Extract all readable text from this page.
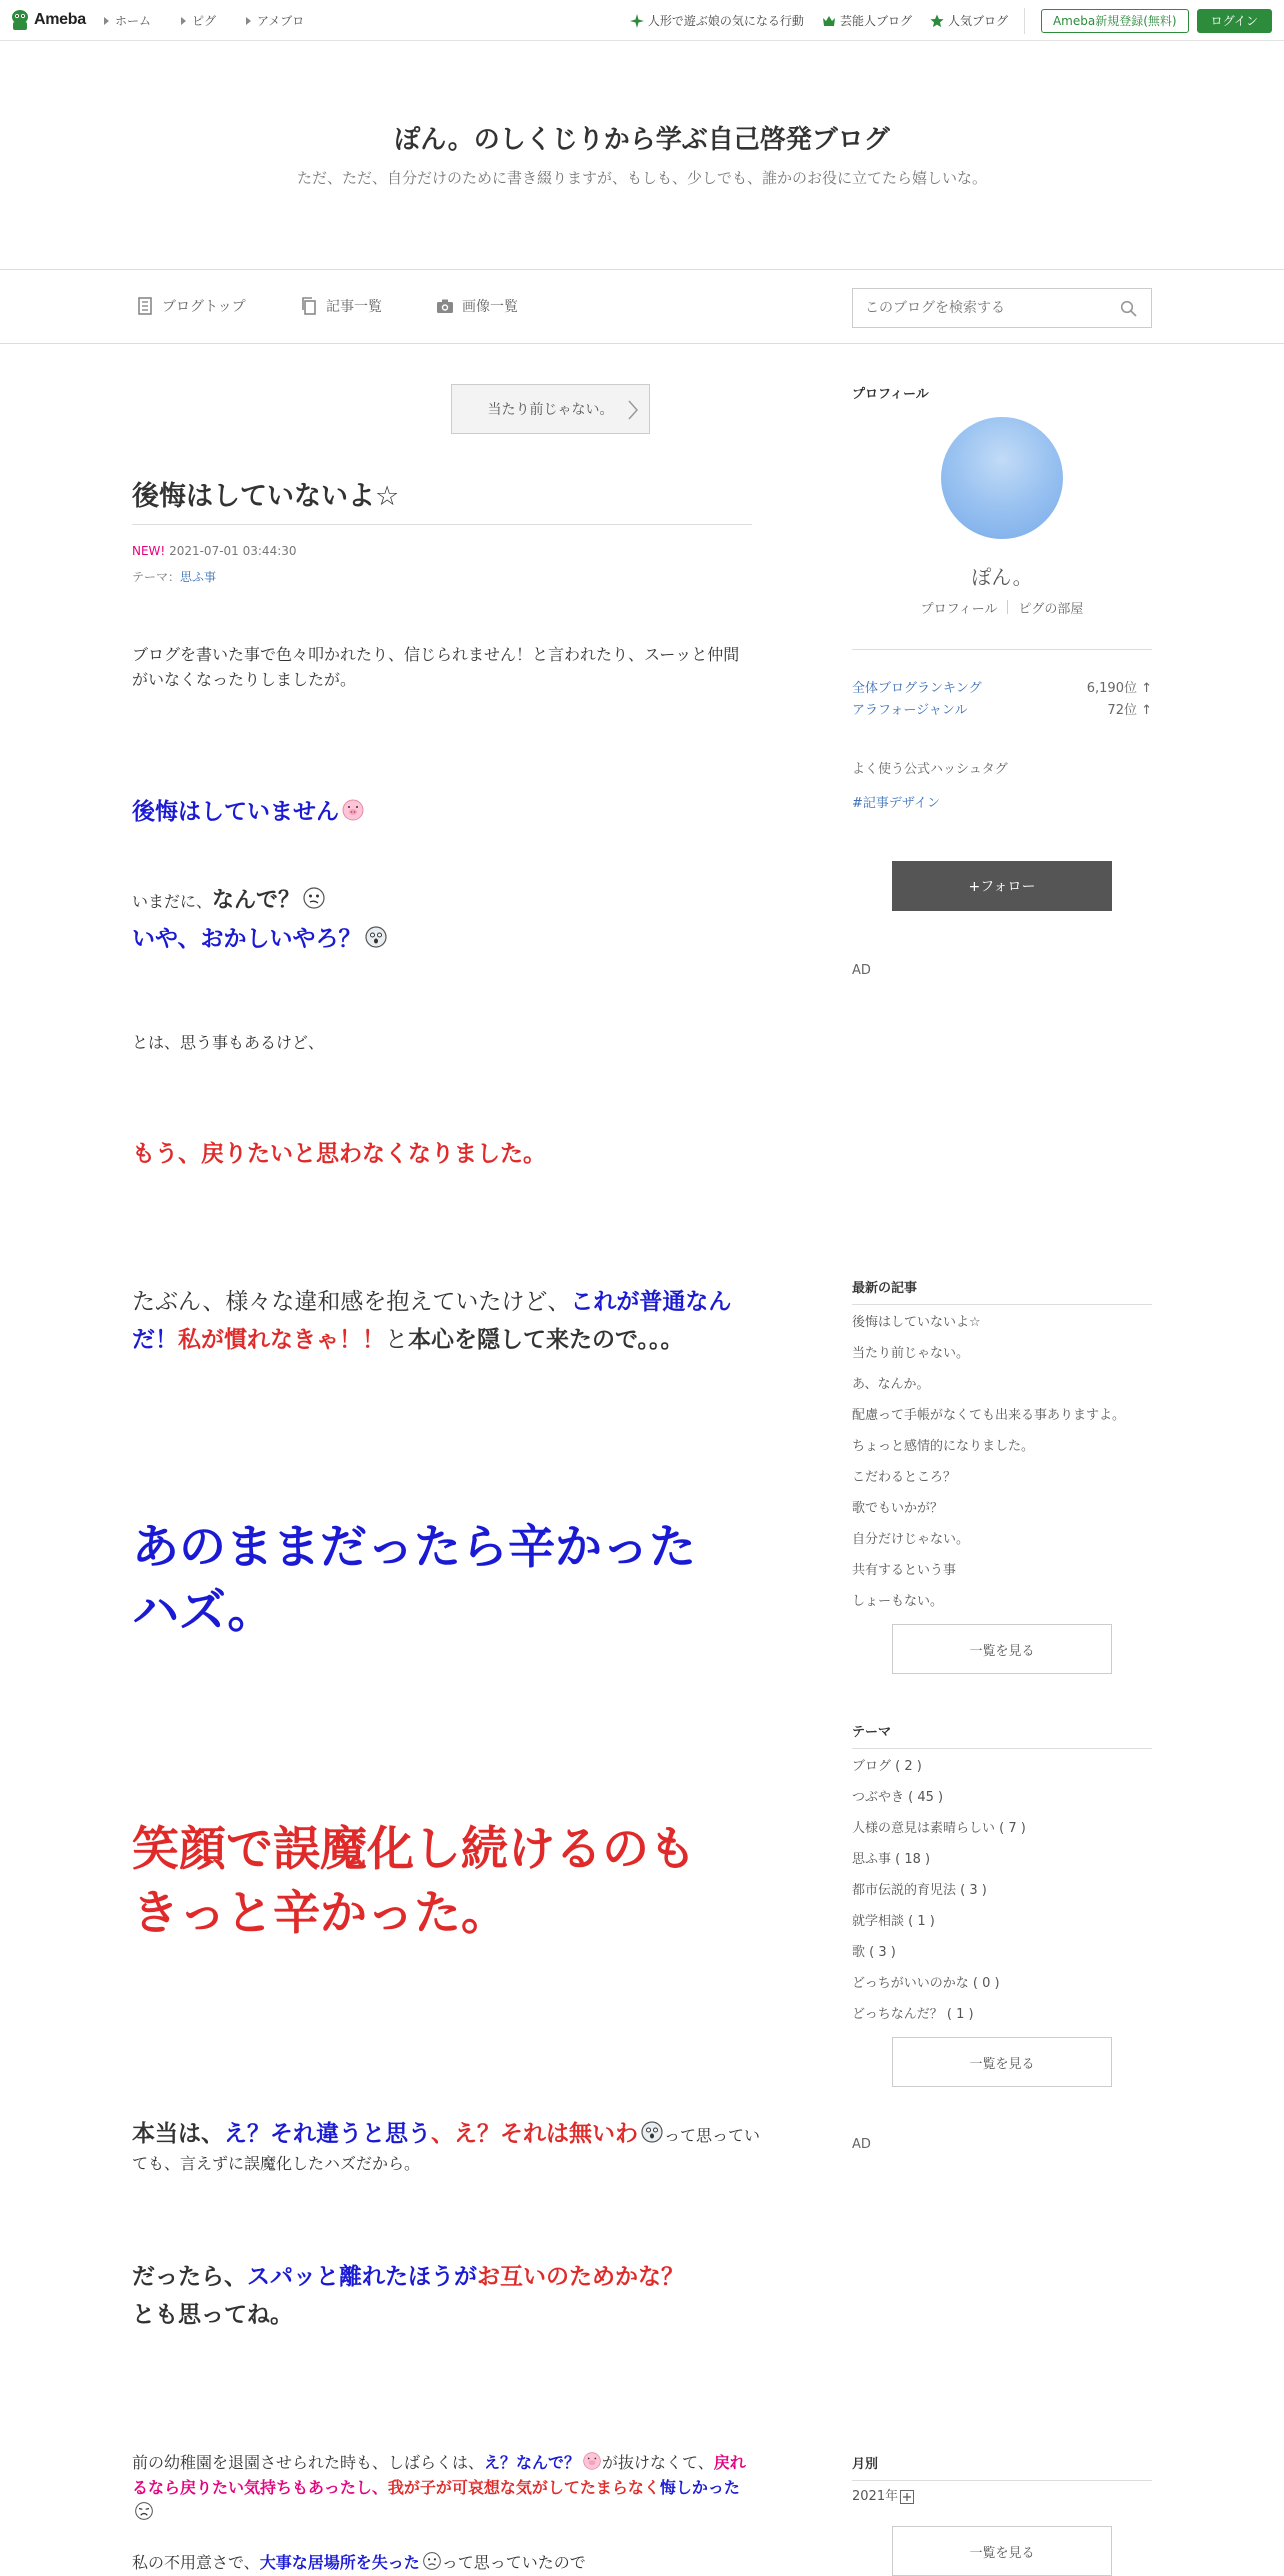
Ameba ホーム	ピグ	アメブロ	人形で遊ぶ娘の気になる行動	芸能人ブログ	人気ブログ	Ameba新規登録(無料)	ログイン
ぽん。のしくじりから学ぶ自己啓発ブログ

ただ、ただ、自分だけのために書き綴りますが、もしも、少しでも、誰かのお役に立てたら嬉しいな。

ブログトップ	記事一覧	画像一覧
このブログを検索する
当たり前じゃない。
後悔はしていないよ☆
NEW! 2021-07-01 03:44:30
テーマ：思ふ事
ブログを書いた事で色々叩かれたり、信じられません！と言われたり、スーッと仲間がいなくなったりしましたが。
後悔はしていません
いまだに、なんで？
いや、おかしいやろ？
とは、思う事もあるけど、
もう、戻りたいと思わなくなりました。
たぶん、様々な違和感を抱えていたけど、これが普通なんだ！私が慣れなきゃ！！と本心を隠して来たので。。。
あのままだったら辛かったハズ。
笑顔で誤魔化し続けるのもきっと辛かった。
本当は、え？それ違うと思う、え？それは無いわ って思っていても、言えずに誤魔化したハズだから。
だったら、スパッと離れたほうがお互いのためかな？
とも思ってね。
前の幼稚園を退園させられた時も、しばらくは、え？なんで？ が抜けなくて、戻れるなら戻りたい気持ちもあったし、我が子が可哀想な気がしてたまらなく悔しかった
私の不用意さで、大事な居場所を失った って思っていたので
プロフィール
ぽん。
プロフィール	ピグの部屋
全体ブログランキング	6,190位 ↑
アラフォージャンル	72位 ↑
よく使う公式ハッシュタグ
#記事デザイン
+フォロー
AD
最新の記事
後悔はしていないよ☆
当たり前じゃない。
あ、なんか。
配慮って手帳がなくても出来る事ありますよ。
ちょっと感情的になりました。
こだわるところ？
歌でもいかが？
自分だけじゃない。
共有するという事
しょーもない。
一覧を見る
テーマ
ブログ ( 2 )
つぶやき ( 45 )
人様の意見は素晴らしい ( 7 )
思ふ事 ( 18 )
都市伝説的育児法 ( 3 )
就学相談 ( 1 )
歌 ( 3 )
どっちがいいのかな ( 0 )
どっちなんだ？ ( 1 )
一覧を見る
AD
月別
2021年
一覧を見る
